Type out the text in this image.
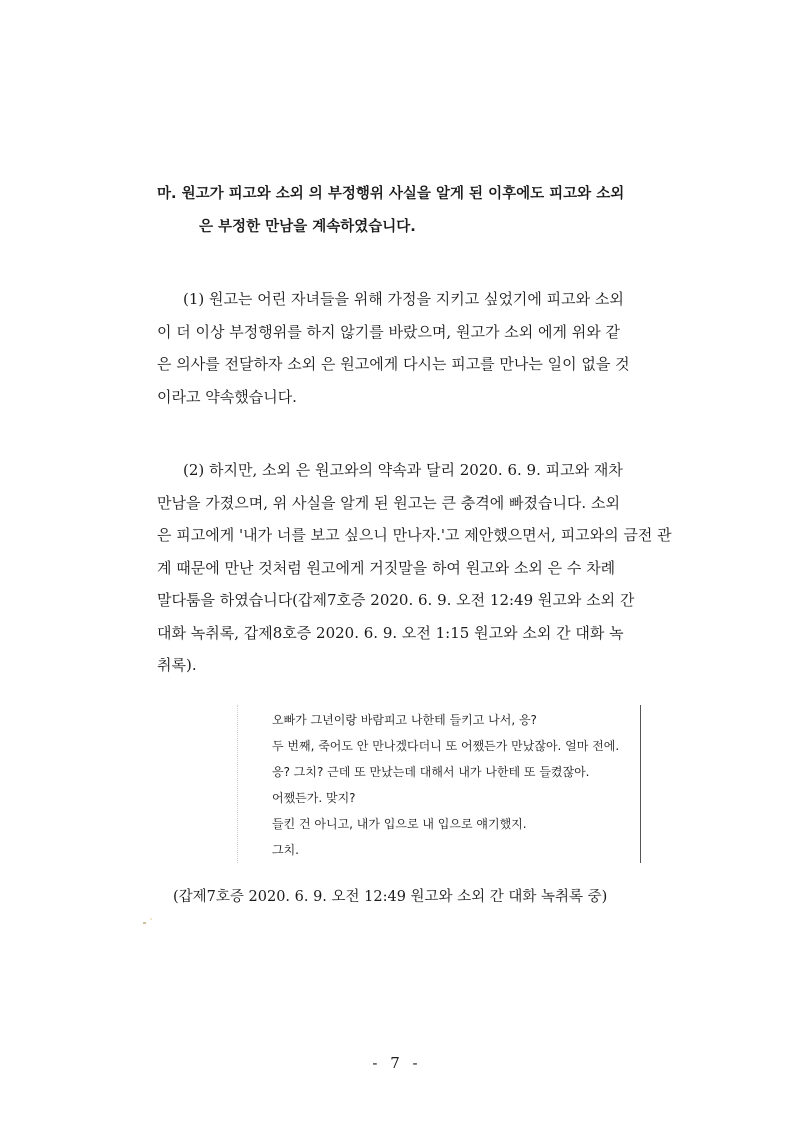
마. 원고가 피고와 소외 의 부정행위 사실을 알게 된 이후에도 피고와 소외
은 부정한 만남을 계속하였습니다.
(1) 원고는 어린 자녀들을 위해 가정을 지키고 싶었기에 피고와 소외
이 더 이상 부정행위를 하지 않기를 바랐으며, 원고가 소외 에게 위와 같
은 의사를 전달하자 소외 은 원고에게 다시는 피고를 만나는 일이 없을 것
이라고 약속했습니다.
(2) 하지만, 소외 은 원고와의 약속과 달리 2020. 6. 9. 피고와 재차
만남을 가졌으며, 위 사실을 알게 된 원고는 큰 충격에 빠졌습니다. 소외
은 피고에게 '내가 너를 보고 싶으니 만나자.'고 제안했으면서, 피고와의 금전 관
계 때문에 만난 것처럼 원고에게 거짓말을 하여 원고와 소외 은 수 차례
말다툼을 하였습니다(갑제7호증 2020. 6. 9. 오전 12:49 원고와 소외 간
대화 녹취록, 갑제8호증 2020. 6. 9. 오전 1:15 원고와 소외 간 대화 녹
취록).
오빠가 그년이랑 바람피고 나한테 들키고 나서, 응?
두 번째, 죽어도 안 만나겠다더니 또 어쨌든가 만났잖아. 얼마 전에.
응? 그치? 근데 또 만났는데 대해서 내가 나한테 또 들켰잖아.
어쨌든가. 맞지?
들킨 건 아니고, 내가 입으로 내 입으로 얘기했지.
그치.
(갑제7호증 2020. 6. 9. 오전 12:49 원고와 소외 간 대화 녹취록 중)
- 7 -
